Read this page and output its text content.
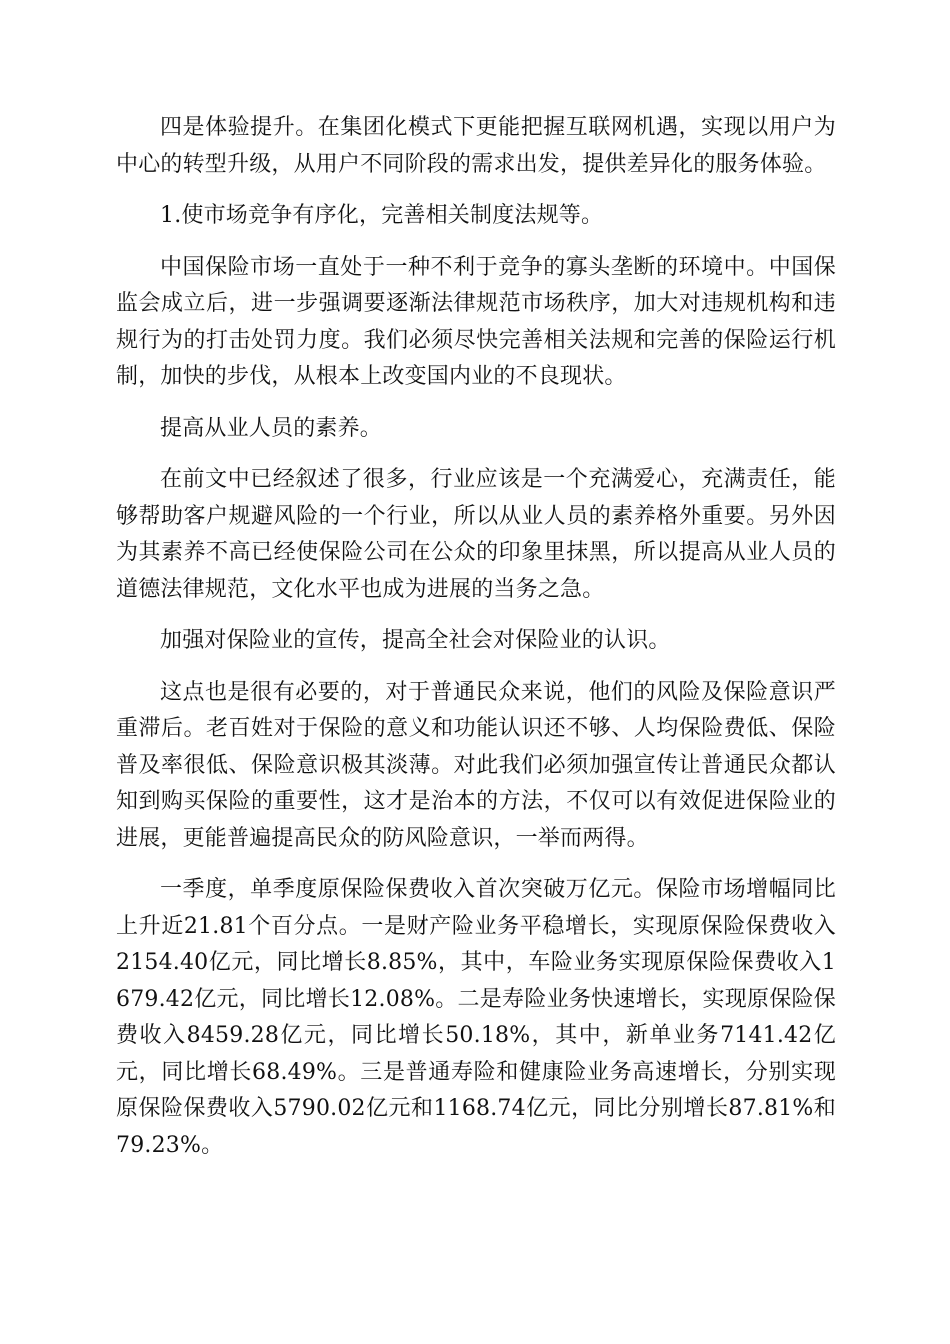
四是体验提升。在集团化模式下更能把握互联网机遇，实现以用户为中心的转型升级，从用户不同阶段的需求出发，提供差异化的服务体验。

1.使市场竞争有序化，完善相关制度法规等。

中国保险市场一直处于一种不利于竞争的寡头垄断的环境中。中国保监会成立后，进一步强调要逐渐法律规范市场秩序，加大对违规机构和违规行为的打击处罚力度。我们必须尽快完善相关法规和完善的保险运行机制，加快的步伐，从根本上改变国内业的不良现状。

提高从业人员的素养。

在前文中已经叙述了很多，行业应该是一个充满爱心，充满责任，能够帮助客户规避风险的一个行业，所以从业人员的素养格外重要。另外因为其素养不高已经使保险公司在公众的印象里抹黑，所以提高从业人员的道德法律规范，文化水平也成为进展的当务之急。

加强对保险业的宣传，提高全社会对保险业的认识。

这点也是很有必要的，对于普通民众来说，他们的风险及保险意识严重滞后。老百姓对于保险的意义和功能认识还不够、人均保险费低、保险普及率很低、保险意识极其淡薄。对此我们必须加强宣传让普通民众都认知到购买保险的重要性，这才是治本的方法，不仅可以有效促进保险业的进展，更能普遍提高民众的防风险意识，一举而两得。

一季度，单季度原保险保费收入首次突破万亿元。保险市场增幅同比上升近21.81个百分点。一是财产险业务平稳增长，实现原保险保费收入2154.40亿元，同比增长8.85%，其中，车险业务实现原保险保费收入1679.42亿元，同比增长12.08%。二是寿险业务快速增长，实现原保险保费收入8459.28亿元，同比增长50.18%，其中，新单业务7141.42亿元，同比增长68.49%。三是普通寿险和健康险业务高速增长，分别实现原保险保费收入5790.02亿元和1168.74亿元，同比分别增长87.81%和79.23%。
